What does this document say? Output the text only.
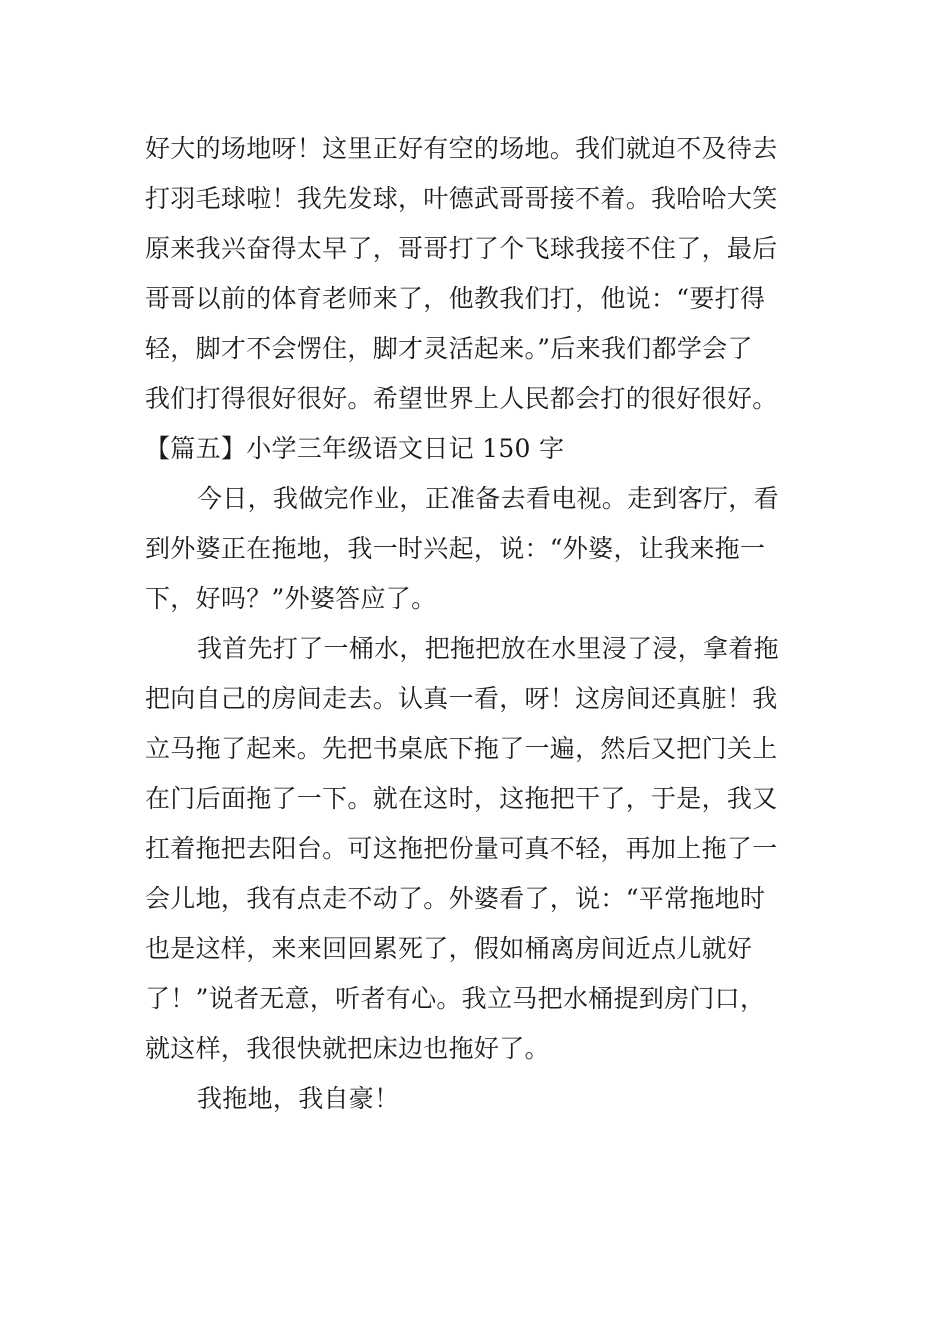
好大的场地呀！这里正好有空的场地。我们就迫不及待去
打羽毛球啦！我先发球，叶德武哥哥接不着。我哈哈大笑
原来我兴奋得太早了，哥哥打了个飞球我接不住了，最后
哥哥以前的体育老师来了，他教我们打，他说：“要打得
轻，脚才不会愣住，脚才灵活起来。”后来我们都学会了
我们打得很好很好。希望世界上人民都会打的很好很好。
【篇五】小学三年级语文日记 150 字
今日，我做完作业，正准备去看电视。走到客厅，看
到外婆正在拖地，我一时兴起，说：“外婆，让我来拖一
下，好吗？”外婆答应了。
我首先打了一桶水，把拖把放在水里浸了浸，拿着拖
把向自己的房间走去。认真一看，呀！这房间还真脏！我
立马拖了起来。先把书桌底下拖了一遍，然后又把门关上
在门后面拖了一下。就在这时，这拖把干了，于是，我又
扛着拖把去阳台。可这拖把份量可真不轻，再加上拖了一
会儿地，我有点走不动了。外婆看了，说：“平常拖地时
也是这样，来来回回累死了，假如桶离房间近点儿就好
了！”说者无意，听者有心。我立马把水桶提到房门口，
就这样，我很快就把床边也拖好了。
我拖地，我自豪！
